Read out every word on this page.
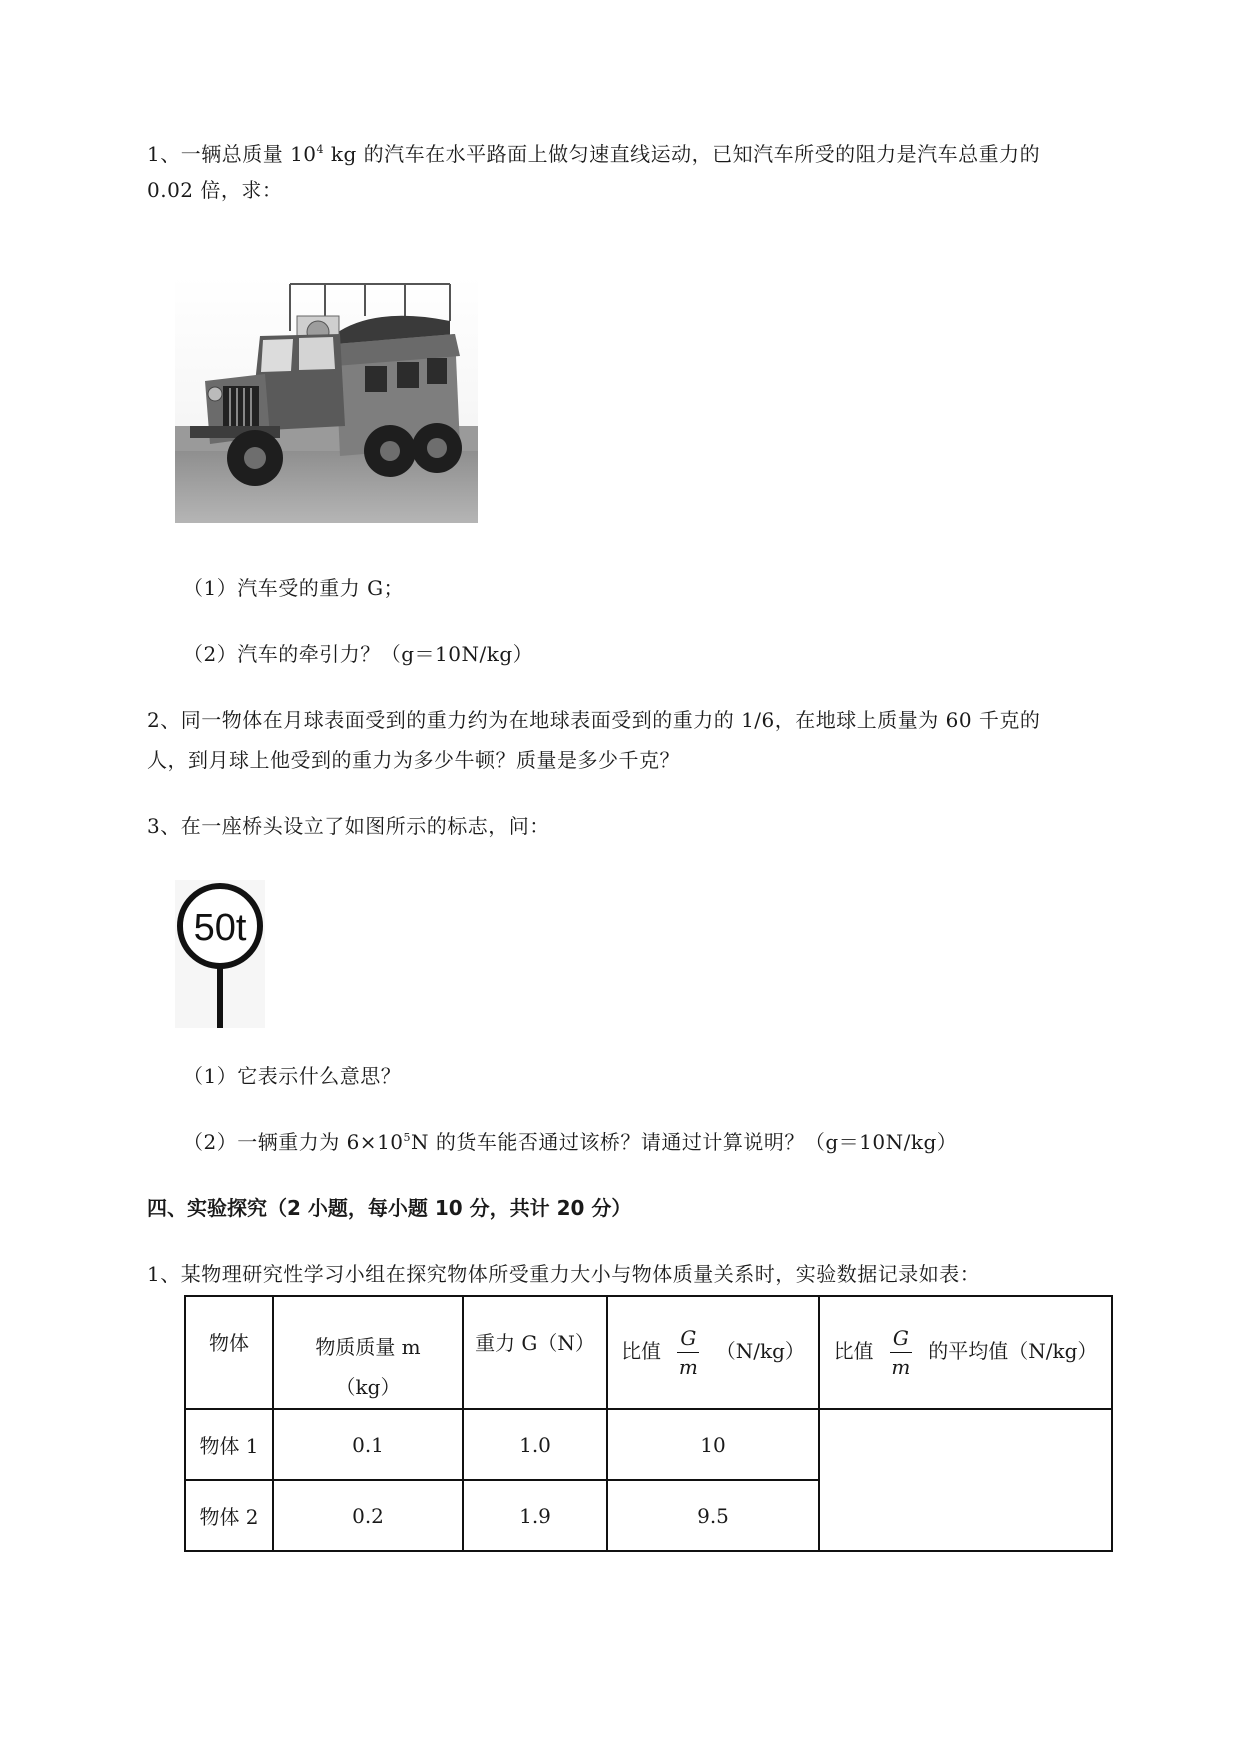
1、一辆总质量 $10^4$ kg 的汽车在水平路面上做匀速直线运动，已知汽车所受的阻力是汽车总重力的
0.02 倍，求：
（1）汽车受的重力 G；
（2）汽车的牵引力？（g＝10N/kg）
2、同一物体在月球表面受到的重力约为在地球表面受到的重力的 1/6，在地球上质量为 60 千克的
人，到月球上他受到的重力为多少牛顿？质量是多少千克？
3、在一座桥头设立了如图所示的标志，问：
50t
（1）它表示什么意思？
（2）一辆重力为 $6\times 10^5N$ 的货车能否通过该桥？请通过计算说明？（g＝10N/kg）
四、实验探究（2 小题，每小题 10 分，共计 20 分）
1、某物理研究性学习小组在探究物体所受重力大小与物体质量关系时，实验数据记录如表：
物体	物质质量 m
（kg）	重力 G（N）	比值 $\frac{G}{m} (N/kg)$	比值 $\frac{G}{m}$ 的平均值（N/kg）
物体 1	0.1	1.0	10	
物体 2	0.2	1.9	9.5	
